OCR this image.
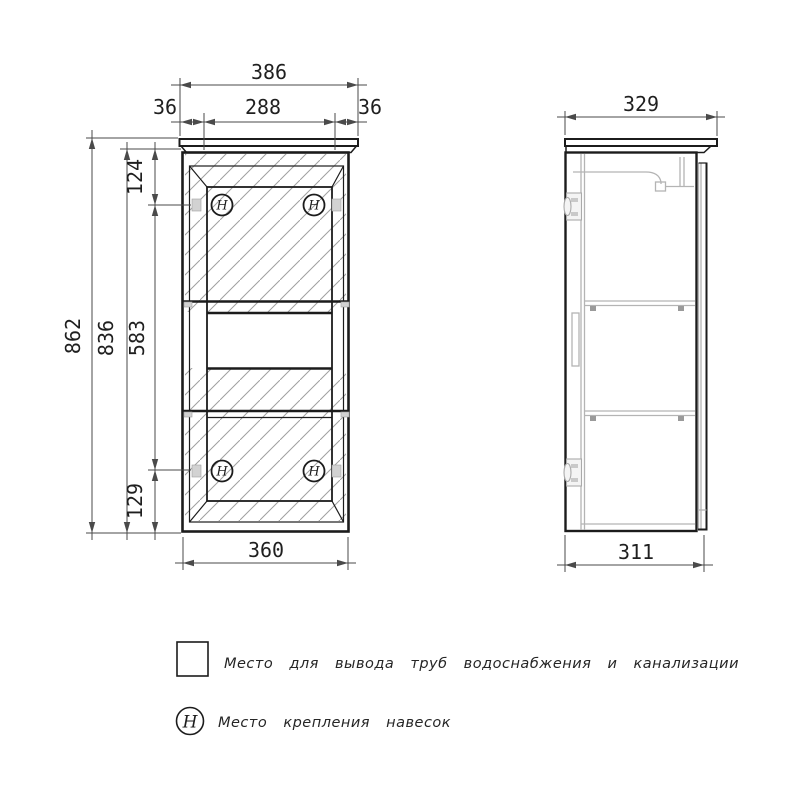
H	H
H	H
386
36	288	36
862 836
124
583
129
360
329
311
Место для вывода труб водоснабжения и канализации
H Место крепления навесок
